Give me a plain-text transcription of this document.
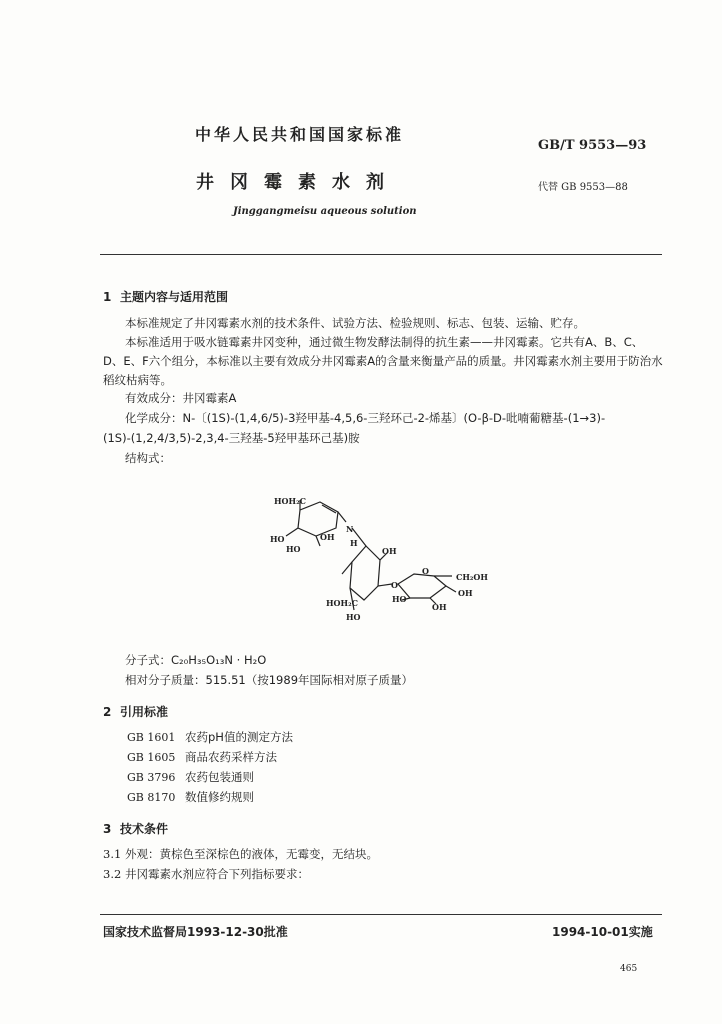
中华人民共和国国家标准
GB/T 9553—93
井冈霉素水剂	代替 GB 9553—88
Jinggangmeisu aqueous solution
1 主题内容与适用范围
本标准规定了井冈霉素水剂的技术条件、试验方法、检验规则、标志、包装、运输、贮存。
本标准适用于吸水链霉素井冈变种，通过微生物发酵法制得的抗生素——井冈霉素。它共有A、B、C、D、E、F六个组分，本标准以主要有效成分井冈霉素A的含量来衡量产品的质量。井冈霉素水剂主要用于防治水稻纹枯病等。
有效成分：井冈霉素A
化学成分：N-〔(1S)-(1,4,6/5)-3羟甲基-4,5,6-三羟环己-2-烯基〕(O-β-D-吡喃葡糖基-(1→3)-
(1S)-(1,2,4/3,5)-2,3,4-三羟基-5羟甲基环己基)胺
结构式：
HOH₂C
HO	OH
HO
N
H
OH
HOH₂C
HO
O
O
CH₂OH
OH
HO
OH
分子式：C₂₀H₃₅O₁₃N · H₂O
相对分子质量：515.51（按1989年国际相对原子质量）
2 引用标准
GB 1601 农药pH值的测定方法
GB 1605 商品农药采样方法
GB 3796 农药包装通则
GB 8170 数值修约规则
3 技术条件
3.1 外观：黄棕色至深棕色的液体，无霉变，无结块。
3.2 井冈霉素水剂应符合下列指标要求：
国家技术监督局1993-12-30批准	1994-10-01实施
465
